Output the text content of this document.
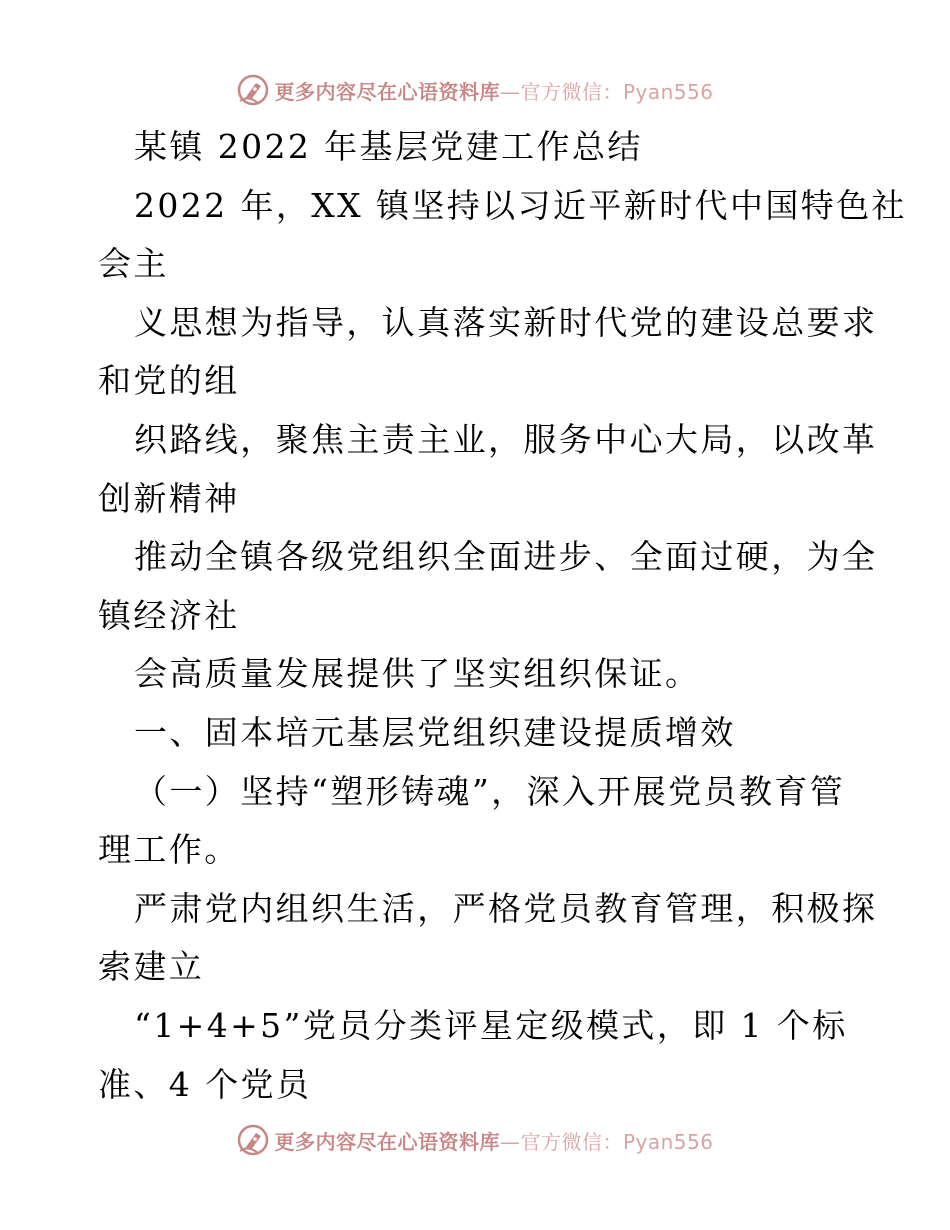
更多内容尽在心语资料库—官方微信：Pyan556
某镇 2022 年基层党建工作总结
2022 年，XX 镇坚持以习近平新时代中国特色社
会主
义思想为指导，认真落实新时代党的建设总要求
和党的组
织路线，聚焦主责主业，服务中心大局，以改革
创新精神
推动全镇各级党组织全面进步、全面过硬，为全
镇经济社
会高质量发展提供了坚实组织保证。
一、固本培元基层党组织建设提质增效
（一）坚持“塑形铸魂”，深入开展党员教育管
理工作。
严肃党内组织生活，严格党员教育管理，积极探
索建立
“1+4+5”党员分类评星定级模式，即 1 个标
准、4 个党员
更多内容尽在心语资料库—官方微信：Pyan556
